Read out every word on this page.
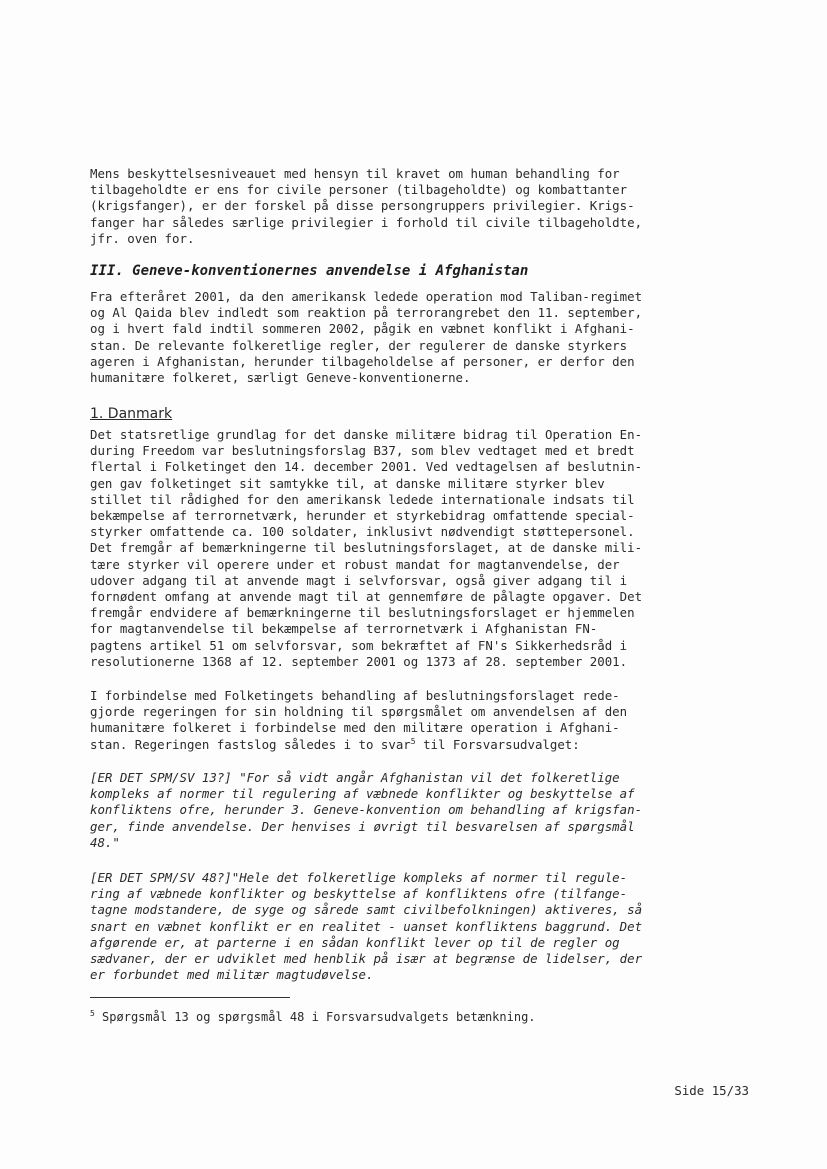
Mens beskyttelsesniveauet med hensyn til kravet om human behandling for
tilbageholdte er ens for civile personer (tilbageholdte) og kombattanter
(krigsfanger), er der forskel på disse persongruppers privilegier. Krigs-
fanger har således særlige privilegier i forhold til civile tilbageholdte,
jfr. oven for.
III. Geneve-konventionernes anvendelse i Afghanistan
Fra efteråret 2001, da den amerikansk ledede operation mod Taliban-regimet
og Al Qaida blev indledt som reaktion på terrorangrebet den 11. september,
og i hvert fald indtil sommeren 2002, pågik en væbnet konflikt i Afghani-
stan. De relevante folkeretlige regler, der regulerer de danske styrkers
ageren i Afghanistan, herunder tilbageholdelse af personer, er derfor den
humanitære folkeret, særligt Geneve-konventionerne.
1. Danmark
Det statsretlige grundlag for det danske militære bidrag til Operation En-
during Freedom var beslutningsforslag B37, som blev vedtaget med et bredt
flertal i Folketinget den 14. december 2001. Ved vedtagelsen af beslutnin-
gen gav folketinget sit samtykke til, at danske militære styrker blev
stillet til rådighed for den amerikansk ledede internationale indsats til
bekæmpelse af terrornetværk, herunder et styrkebidrag omfattende special-
styrker omfattende ca. 100 soldater, inklusivt nødvendigt støttepersonel.
Det fremgår af bemærkningerne til beslutningsforslaget, at de danske mili-
tære styrker vil operere under et robust mandat for magtanvendelse, der
udover adgang til at anvende magt i selvforsvar, også giver adgang til i
fornødent omfang at anvende magt til at gennemføre de pålagte opgaver. Det
fremgår endvidere af bemærkningerne til beslutningsforslaget er hjemmelen
for magtanvendelse til bekæmpelse af terrornetværk i Afghanistan FN-
pagtens artikel 51 om selvforsvar, som bekræftet af FN's Sikkerhedsråd i
resolutionerne 1368 af 12. september 2001 og 1373 af 28. september 2001.
I forbindelse med Folketingets behandling af beslutningsforslaget rede-
gjorde regeringen for sin holdning til spørgsmålet om anvendelsen af den
humanitære folkeret i forbindelse med den militære operation i Afghani-
stan. Regeringen fastslog således i to svar$^5$ til Forsvarsudvalget:
[ER DET SPM/SV 13?] "For så vidt angår Afghanistan vil det folkeretlige
kompleks af normer til regulering af væbnede konflikter og beskyttelse af
konfliktens ofre, herunder 3. Geneve-konvention om behandling af krigsfan-
ger, finde anvendelse. Der henvises i øvrigt til besvarelsen af spørgsmål
48."
[ER DET SPM/SV 48?]"Hele det folkeretlige kompleks af normer til regule-
ring af væbnede konflikter og beskyttelse af konfliktens ofre (tilfange-
tagne modstandere, de syge og sårede samt civilbefolkningen) aktiveres, så
snart en væbnet konflikt er en realitet - uanset konfliktens baggrund. Det
afgørende er, at parterne i en sådan konflikt lever op til de regler og
sædvaner, der er udviklet med henblik på især at begrænse de lidelser, der
er forbundet med militær magtudøvelse.
$^5$ Spørgsmål 13 og spørgsmål 48 i Forsvarsudvalgets betænkning.
Side 15/33
